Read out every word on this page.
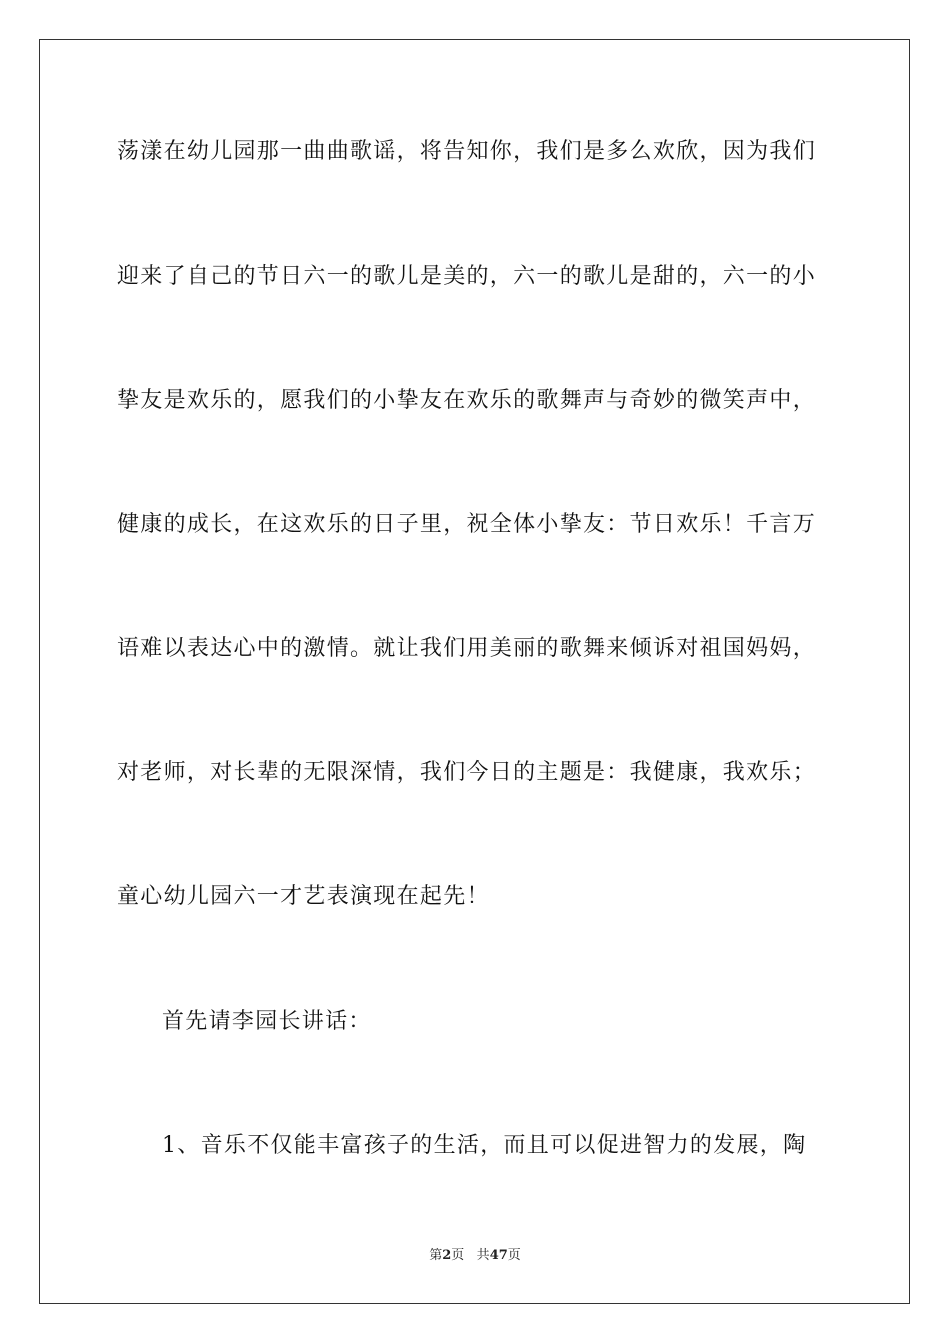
荡漾在幼儿园那一曲曲歌谣，将告知你，我们是多么欢欣，因为我们
迎来了自己的节日六一的歌儿是美的，六一的歌儿是甜的，六一的小
挚友是欢乐的，愿我们的小挚友在欢乐的歌舞声与奇妙的微笑声中，
健康的成长，在这欢乐的日子里，祝全体小挚友：节日欢乐！千言万
语难以表达心中的激情。就让我们用美丽的歌舞来倾诉对祖国妈妈，
对老师，对长辈的无限深情，我们今日的主题是：我健康，我欢乐；
童心幼儿园六一才艺表演现在起先！
首先请李园长讲话：
1、音乐不仅能丰富孩子的生活，而且可以促进智力的发展，陶
第2页 共47页
